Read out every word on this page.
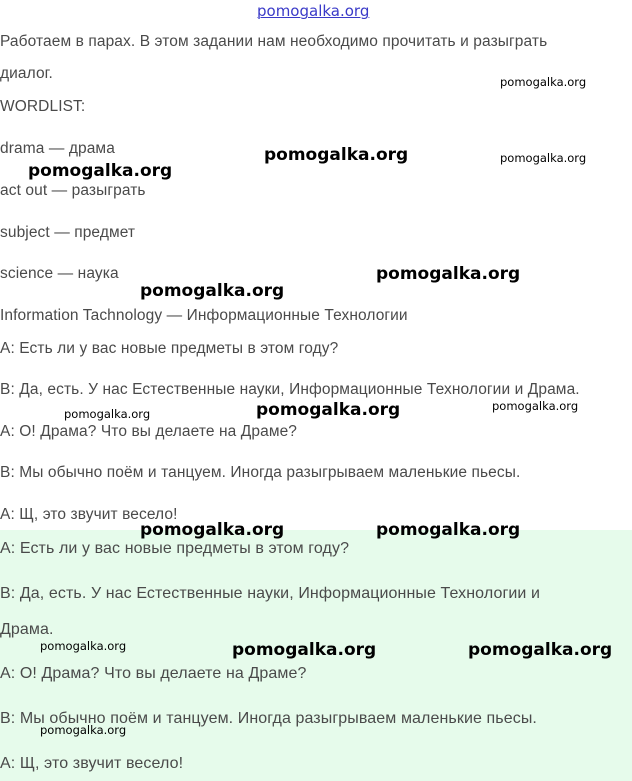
pomogalka.org
Работаем в парах. В этом задании нам необходимо прочитать и разыграть
диалог.
WORDLIST:
drama — драма
act out — разыграть
subject — предмет
science — наука
Information Tachnology — Информационные Технологии
A: Есть ли у вас новые предметы в этом году?
B: Да, есть. У нас Естественные науки, Информационные Технологии и Драма.
A: О! Драма? Что вы делаете на Драме?
B: Мы обычно поём и танцуем. Иногда разыгрываем маленькие пьесы.
A: Щ, это звучит весело!
A: Есть ли у вас новые предметы в этом году?
B: Да, есть. У нас Естественные науки, Информационные Технологии и
Драма.
A: О! Драма? Что вы делаете на Драме?
B: Мы обычно поём и танцуем. Иногда разыгрываем маленькие пьесы.
A: Щ, это звучит весело!
pomogalka.org
pomogalka.org	pomogalka.org
pomogalka.org
pomogalka.org
pomogalka.org
pomogalka.org
pomogalka.org
pomogalka.org
pomogalka.org	pomogalka.org
pomogalka.org	pomogalka.org	pomogalka.org
pomogalka.org
